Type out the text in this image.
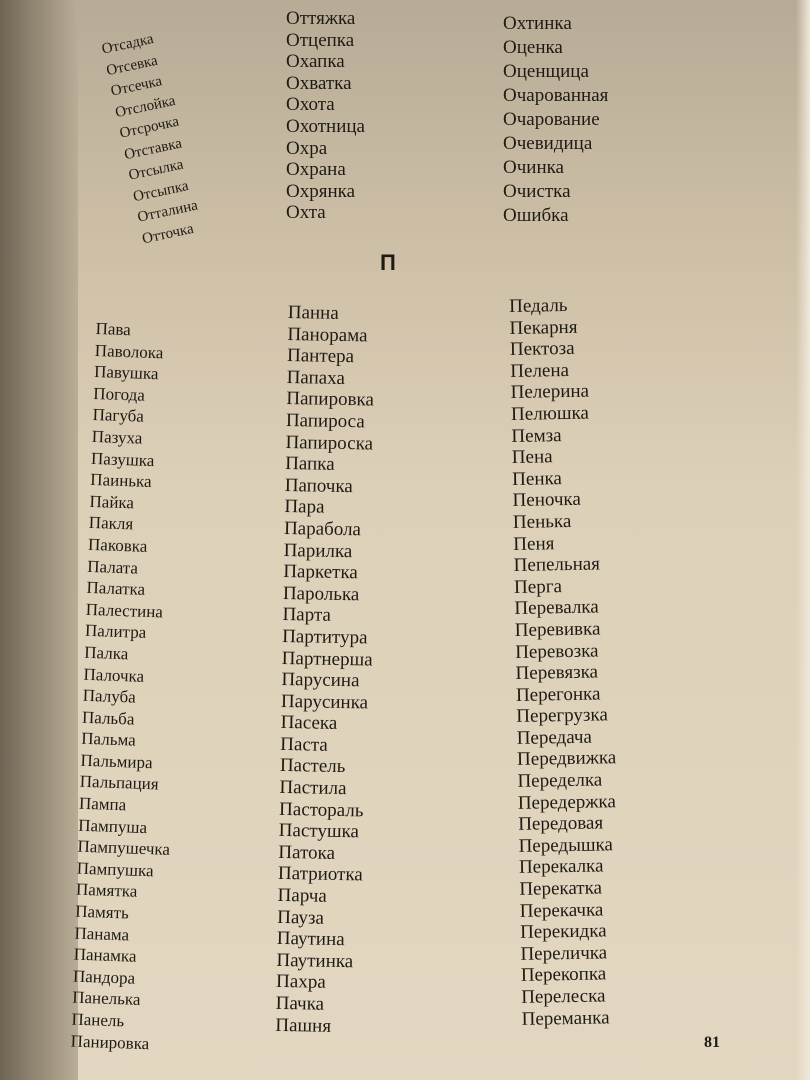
Отсадка
Отсевка
Отсечка
Отслойка
Отсрочка
Отставка
Отсылка
Отсыпка
Отталина
Отточка
Оттяжка
Отцепка
Охапка
Охватка
Охота
Охотница
Охра
Охрана
Охрянка
Охта
Охтинка
Оценка
Оценщица
Очарованная
Очарование
Очевидица
Очинка
Очистка
Ошибка
П
Пава
Паволока
Павушка
Погода
Пагуба
Пазуха
Пазушка
Паинька
Пайка
Пакля
Паковка
Палата
Палатка
Палестина
Палитра
Палка
Палочка
Палуба
Пальба
Пальма
Пальмира
Пальпация
Пампа
Пампуша
Пампушечка
Пампушка
Памятка
Память
Панама
Панамка
Пандора
Панелька
Панель
Панировка
Панна
Панорама
Пантера
Папаха
Папировка
Папироса
Папироска
Папка
Папочка
Пара
Парабола
Парилка
Паркетка
Паролька
Парта
Партитура
Партнерша
Парусина
Парусинка
Пасека
Паста
Пастель
Пастила
Пастораль
Пастушка
Патока
Патриотка
Парча
Пауза
Паутина
Паутинка
Пахра
Пачка
Пашня
Педаль
Пекарня
Пектоза
Пелена
Пелерина
Пелюшка
Пемза
Пена
Пенка
Пеночка
Пенька
Пеня
Пепельная
Перга
Перевалка
Перевивка
Перевозка
Перевязка
Перегонка
Перегрузка
Передача
Передвижка
Переделка
Передержка
Передовая
Передышка
Перекалка
Перекатка
Перекачка
Перекидка
Переличка
Перекопка
Перелеска
Переманка
81
